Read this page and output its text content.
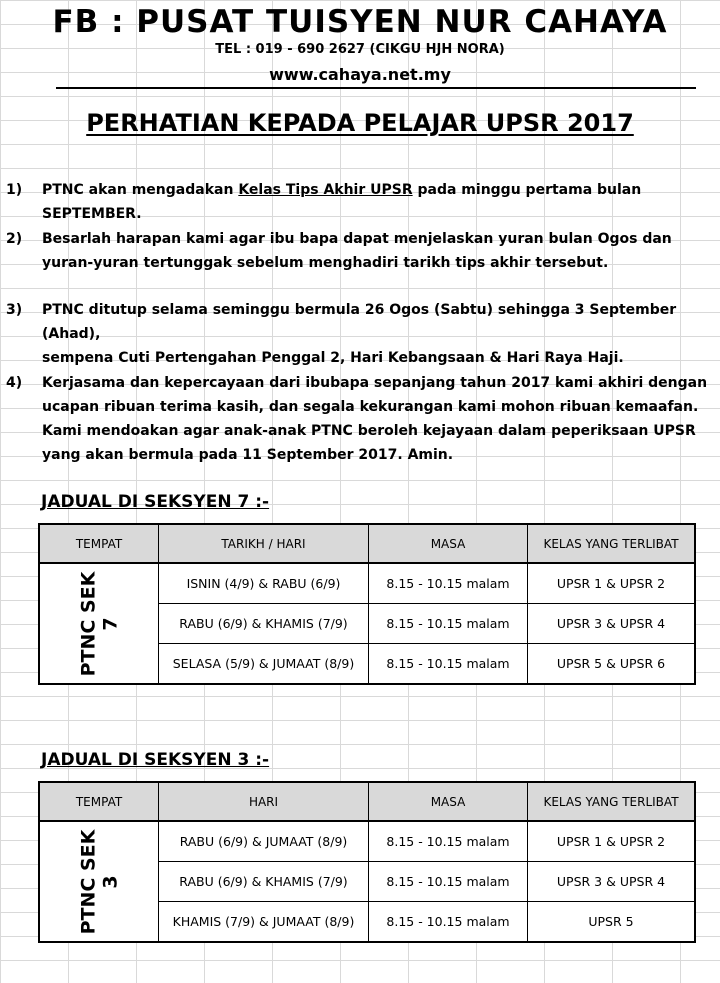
FB : PUSAT TUISYEN NUR CAHAYA
TEL : 019 - 690 2627 (CIKGU HJH NORA)
www.cahaya.net.my
PERHATIAN KEPADA PELAJAR UPSR 2017
1) PTNC akan mengadakan Kelas Tips Akhir UPSR pada minggu pertama bulan SEPTEMBER.
2) Besarlah harapan kami agar ibu bapa dapat menjelaskan yuran bulan Ogos dan
yuran-yuran tertunggak sebelum menghadiri tarikh tips akhir tersebut.
3) PTNC ditutup selama seminggu bermula 26 Ogos (Sabtu) sehingga 3 September (Ahad),
sempena Cuti Pertengahan Penggal 2, Hari Kebangsaan & Hari Raya Haji.
4) Kerjasama dan kepercayaan dari ibubapa sepanjang tahun 2017 kami akhiri dengan
ucapan ribuan terima kasih, dan segala kekurangan kami mohon ribuan kemaafan.
Kami mendoakan agar anak-anak PTNC beroleh kejayaan dalam peperiksaan UPSR
yang akan bermula pada 11 September 2017. Amin.
JADUAL DI SEKSYEN 7 :-
TEMPAT	TARIKH / HARI	MASA	KELAS YANG TERLIBAT
PTNC SEK
7	ISNIN (4/9) & RABU (6/9)	8.15 - 10.15 malam	UPSR 1 & UPSR 2
	RABU (6/9) & KHAMIS (7/9)	8.15 - 10.15 malam	UPSR 3 & UPSR 4
	SELASA (5/9) & JUMAAT (8/9)	8.15 - 10.15 malam	UPSR 5 & UPSR 6
JADUAL DI SEKSYEN 3 :-
TEMPAT	HARI	MASA	KELAS YANG TERLIBAT
PTNC SEK
3	RABU (6/9) & JUMAAT (8/9)	8.15 - 10.15 malam	UPSR 1 & UPSR 2
	RABU (6/9) & KHAMIS (7/9)	8.15 - 10.15 malam	UPSR 3 & UPSR 4
	KHAMIS (7/9) & JUMAAT (8/9)	8.15 - 10.15 malam	UPSR 5
